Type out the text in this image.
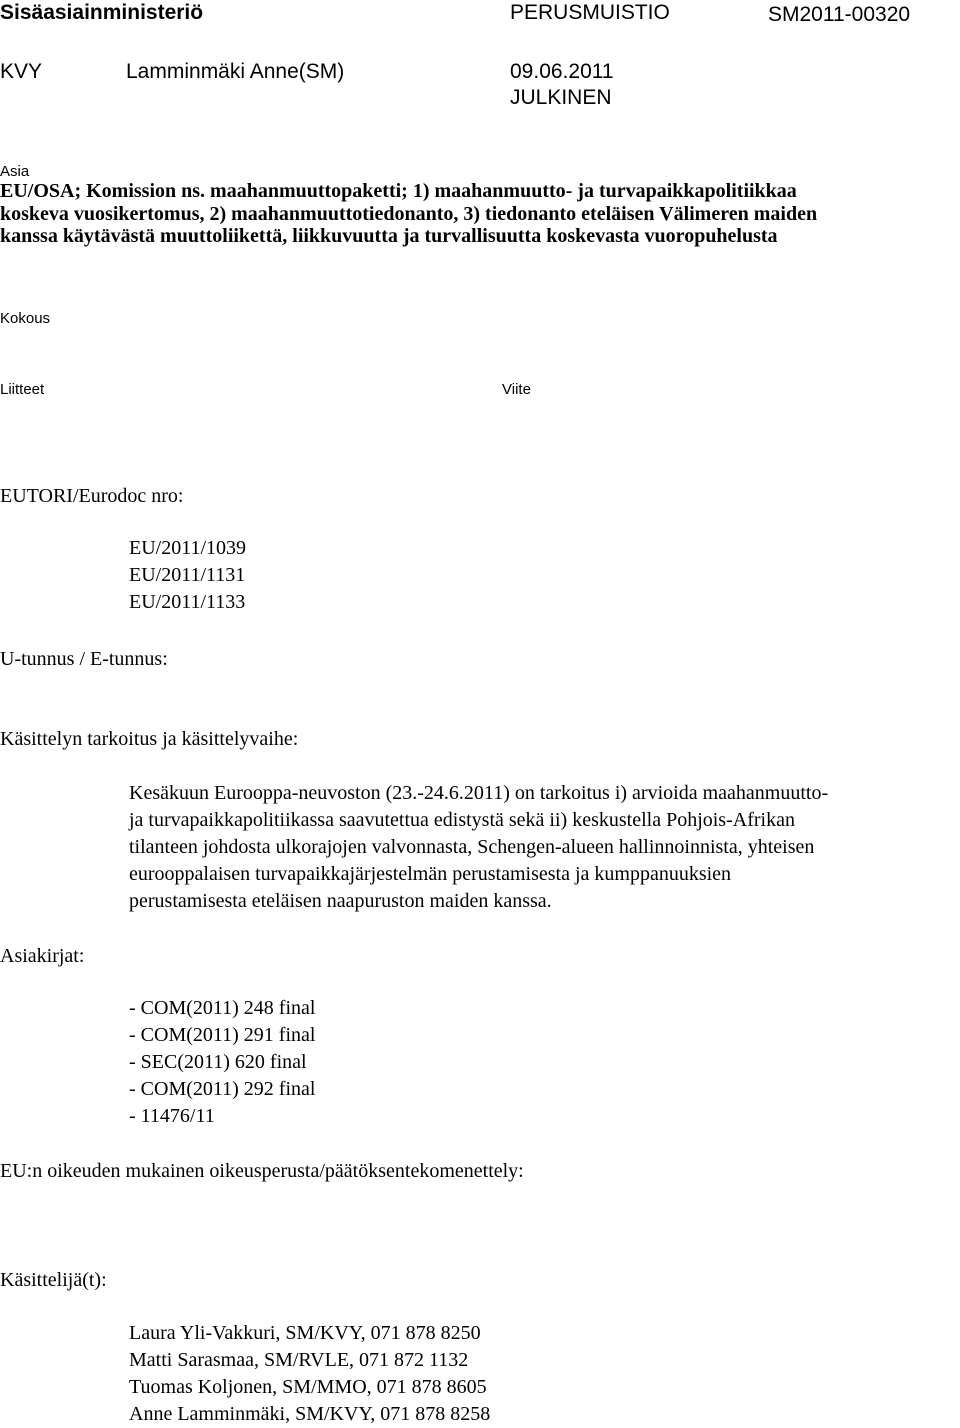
Sisäasiainministeriö	PERUSMUISTIO	SM2011-00320
KVY	Lamminmäki Anne(SM)	09.06.2011
JULKINEN
Asia
EU/OSA; Komission ns. maahanmuuttopaketti; 1) maahanmuutto- ja turvapaikkapolitiikkaa
koskeva vuosikertomus, 2) maahanmuuttotiedonanto, 3) tiedonanto eteläisen Välimeren maiden
kanssa käytävästä muuttoliikettä, liikkuvuutta ja turvallisuutta koskevasta vuoropuhelusta
Kokous
Liitteet	Viite
EUTORI/Eurodoc nro:
EU/2011/1039
EU/2011/1131
EU/2011/1133
U-tunnus / E-tunnus:
Käsittelyn tarkoitus ja käsittelyvaihe:
Kesäkuun Eurooppa-neuvoston (23.-24.6.2011) on tarkoitus i) arvioida maahanmuutto-
ja turvapaikkapolitiikassa saavutettua edistystä sekä ii) keskustella Pohjois-Afrikan
tilanteen johdosta ulkorajojen valvonnasta, Schengen-alueen hallinnoinnista, yhteisen
eurooppalaisen turvapaikkajärjestelmän perustamisesta ja kumppanuuksien
perustamisesta eteläisen naapuruston maiden kanssa.
Asiakirjat:
- COM(2011) 248 final
- COM(2011) 291 final
- SEC(2011) 620 final
- COM(2011) 292 final
- 11476/11
EU:n oikeuden mukainen oikeusperusta/päätöksentekomenettely:
Käsittelijä(t):
Laura Yli-Vakkuri, SM/KVY, 071 878 8250
Matti Sarasmaa, SM/RVLE, 071 872 1132
Tuomas Koljonen, SM/MMO, 071 878 8605
Anne Lamminmäki, SM/KVY, 071 878 8258
